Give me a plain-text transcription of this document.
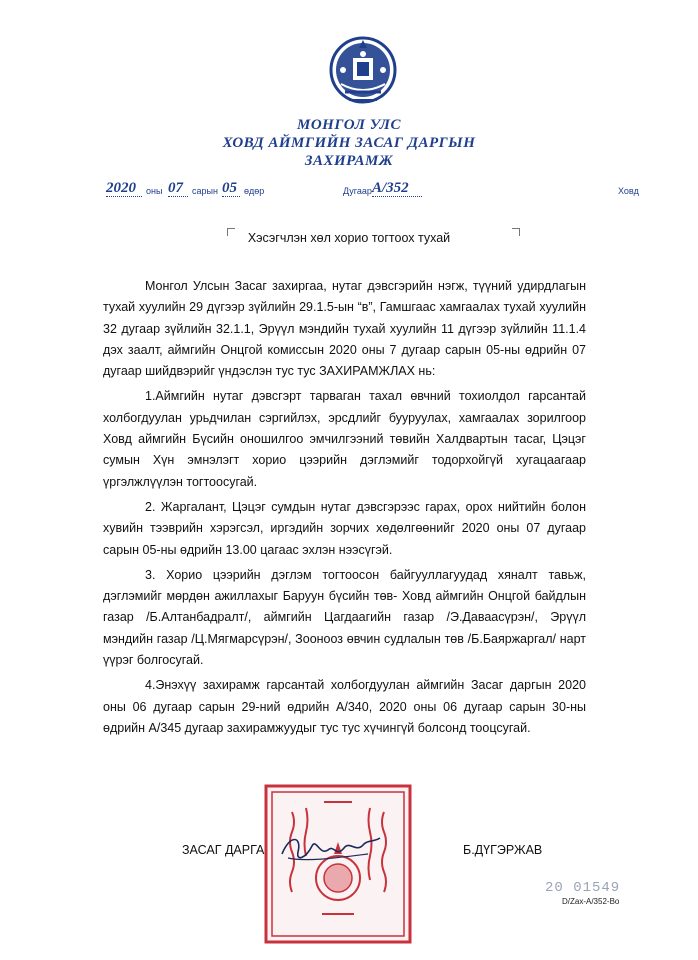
МОНГОЛ УЛС
ХОВД АЙМГИЙН ЗАСАГ ДАРГЫН
ЗАХИРАМЖ
2020	оны 07	сарын 05 өдөр	Дугаар А/352	Ховд
Хэсэгчлэн хөл хорио тогтоох тухай

Монгол Улсын Засаг захиргаа, нутаг дэвсгэрийн нэгж, түүний удирдлагын тухай хуулийн 29 дүгээр зүйлийн 29.1.5-ын “в”, Гамшгаас хамгаалах тухай хуулийн 32 дугаар зүйлийн 32.1.1, Эрүүл мэндийн тухай хуулийн 11 дүгээр зүйлийн 11.1.4 дэх заалт, аймгийн Онцгой комиссын 2020 оны 7 дугаар сарын 05-ны өдрийн 07 дугаар шийдвэрийг үндэслэн тус тус ЗАХИРАМЖЛАХ нь:

1.Аймгийн нутаг дэвсгэрт тарваган тахал өвчний тохиолдол гарсантай холбогдуулан урьдчилан сэргийлэх, эрсдлийг бууруулах, хамгаалах зорилгоор Ховд аймгийн Бүсийн оношилгоо эмчилгээний төвийн Халдвартын тасаг, Цэцэг сумын Хүн эмнэлэгт хорио цээрийн дэглэмийг тодорхойгүй хугацаагаар үргэлжлүүлэн тогтоосугай.

2. Жаргалант, Цэцэг сумдын нутаг дэвсгэрээс гарах, орох нийтийн болон хувийн тээврийн хэрэгсэл, иргэдийн зорчих хөдөлгөөнийг 2020 оны 07 дугаар сарын 05-ны өдрийн 13.00 цагаас эхлэн нээсүгэй.

3. Хорио цээрийн дэглэм тогтоосон байгууллагуудад хяналт тавьж, дэглэмийг мөрдөн ажиллахыг Баруун бүсийн төв- Ховд аймгийн Онцгой байдлын газар /Б.Алтанбадралт/, аймгийн Цагдаагийн газар /Э.Даваасүрэн/, Эрүүл мэндийн газар /Ц.Мягмарсүрэн/, Зоонооз өвчин судлалын төв /Б.Баяржаргал/ нарт үүрэг болгосугай.

4.Энэхүү захирамж гарсантай холбогдуулан аймгийн Засаг даргын 2020 оны 06 дугаар сарын 29-ний өдрийн А/340, 2020 оны 06 дугаар сарын 30-ны өдрийн А/345 дугаар захирамжуудыг тус тус хүчингүй болсонд тооцсугай.

ЗАСАГ ДАРГА	Б.ДҮГЭРЖАВ
20 01549
D/Zax-A/352-Bo
